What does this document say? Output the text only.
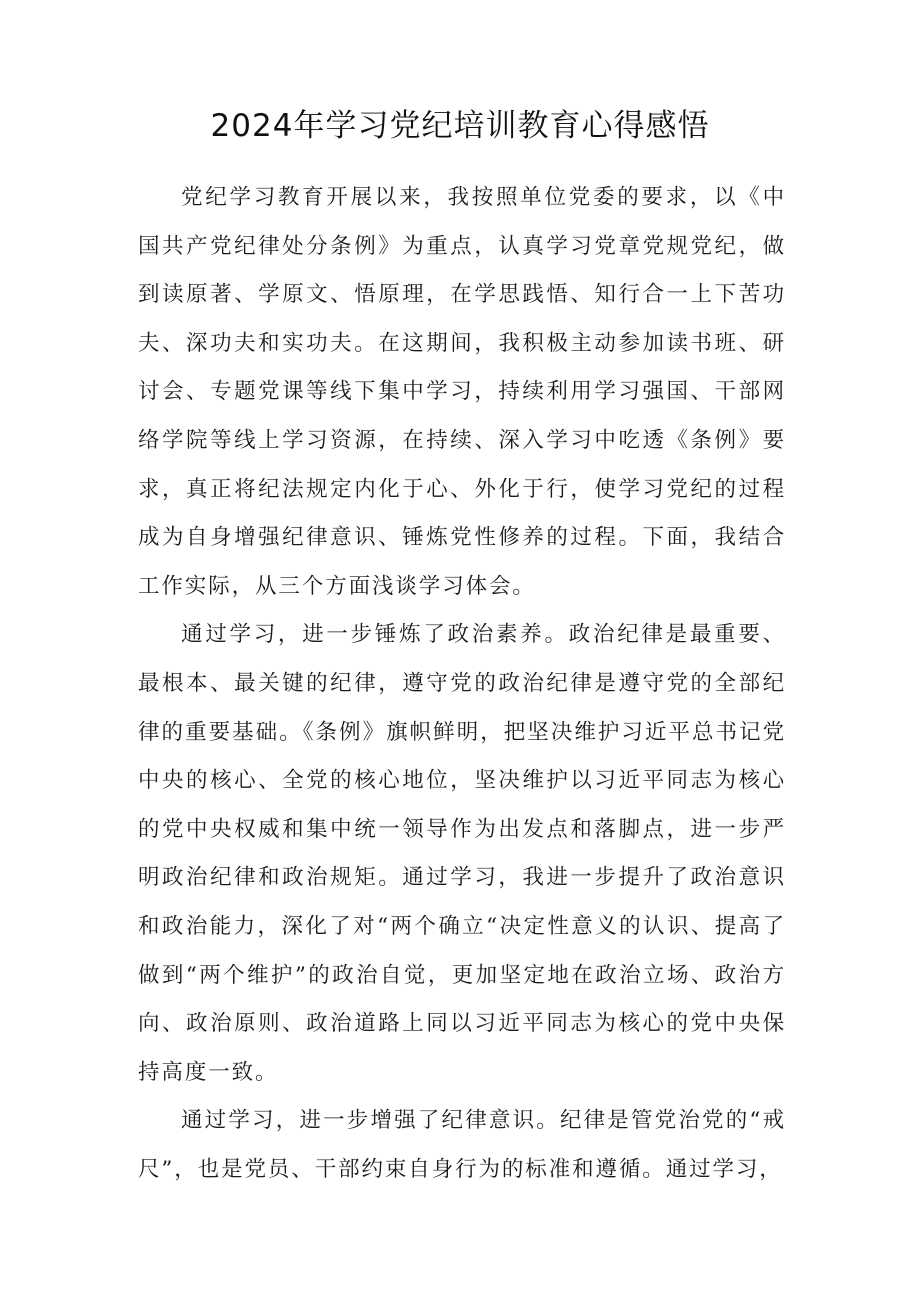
2024年学习党纪培训教育心得感悟

党纪学习教育开展以来，我按照单位党委的要求，以《中国共产党纪律处分条例》为重点，认真学习党章党规党纪，做到读原著、学原文、悟原理，在学思践悟、知行合一上下苦功夫、深功夫和实功夫。在这期间，我积极主动参加读书班、研讨会、专题党课等线下集中学习，持续利用学习强国、干部网络学院等线上学习资源，在持续、深入学习中吃透《条例》要求，真正将纪法规定内化于心、外化于行，使学习党纪的过程成为自身增强纪律意识、锤炼党性修养的过程。下面，我结合工作实际，从三个方面浅谈学习体会。

通过学习，进一步锤炼了政治素养。政治纪律是最重要、最根本、最关键的纪律，遵守党的政治纪律是遵守党的全部纪律的重要基础。《条例》旗帜鲜明，把坚决维护习近平总书记党中央的核心、全党的核心地位，坚决维护以习近平同志为核心的党中央权威和集中统一领导作为出发点和落脚点，进一步严明政治纪律和政治规矩。通过学习，我进一步提升了政治意识和政治能力，深化了对“两个确立“决定性意义的认识、提高了做到“两个维护”的政治自觉，更加坚定地在政治立场、政治方向、政治原则、政治道路上同以习近平同志为核心的党中央保持高度一致。

通过学习，进一步增强了纪律意识。纪律是管党治党的“戒尺”，也是党员、干部约束自身行为的标准和遵循。通过学习，
